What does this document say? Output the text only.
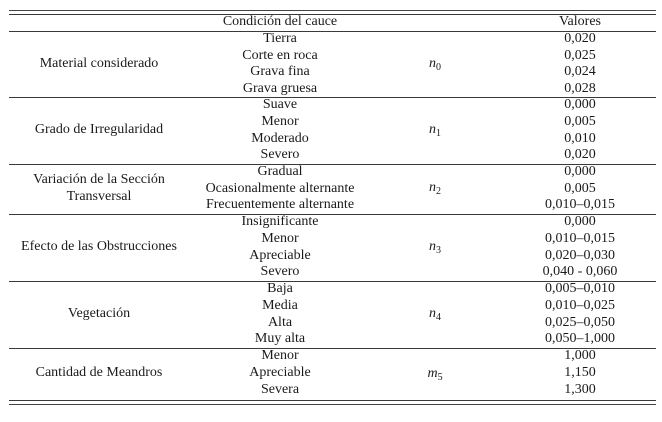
Condición del cauce	Valores
Material considerado	$n_0$
Tierra	0,020
Corte en roca	0,025
Grava fina	0,024
Grava gruesa	0,028
Grado de Irregularidad	$n_1$
Suave	0,000
Menor	0,005
Moderado	0,010
Severo	0,020
Variación de la Sección
Transversal
$n_2$
Gradual	0,000
Ocasionalmente alternante	0,005
Frecuentemente alternante	0,010–0,015
Efecto de las Obstrucciones	$n_3$
Insignificante	0,000
Menor	0,010–0,015
Apreciable	0,020–0,030
Severo	0,040 - 0,060
Vegetación	$n_4$
Baja	0,005–0,010
Media	0,010–0,025
Alta	0,025–0,050
Muy alta	0,050–1,000
Cantidad de Meandros	$m_5$
Menor	1,000
Apreciable	1,150
Severa	1,300
